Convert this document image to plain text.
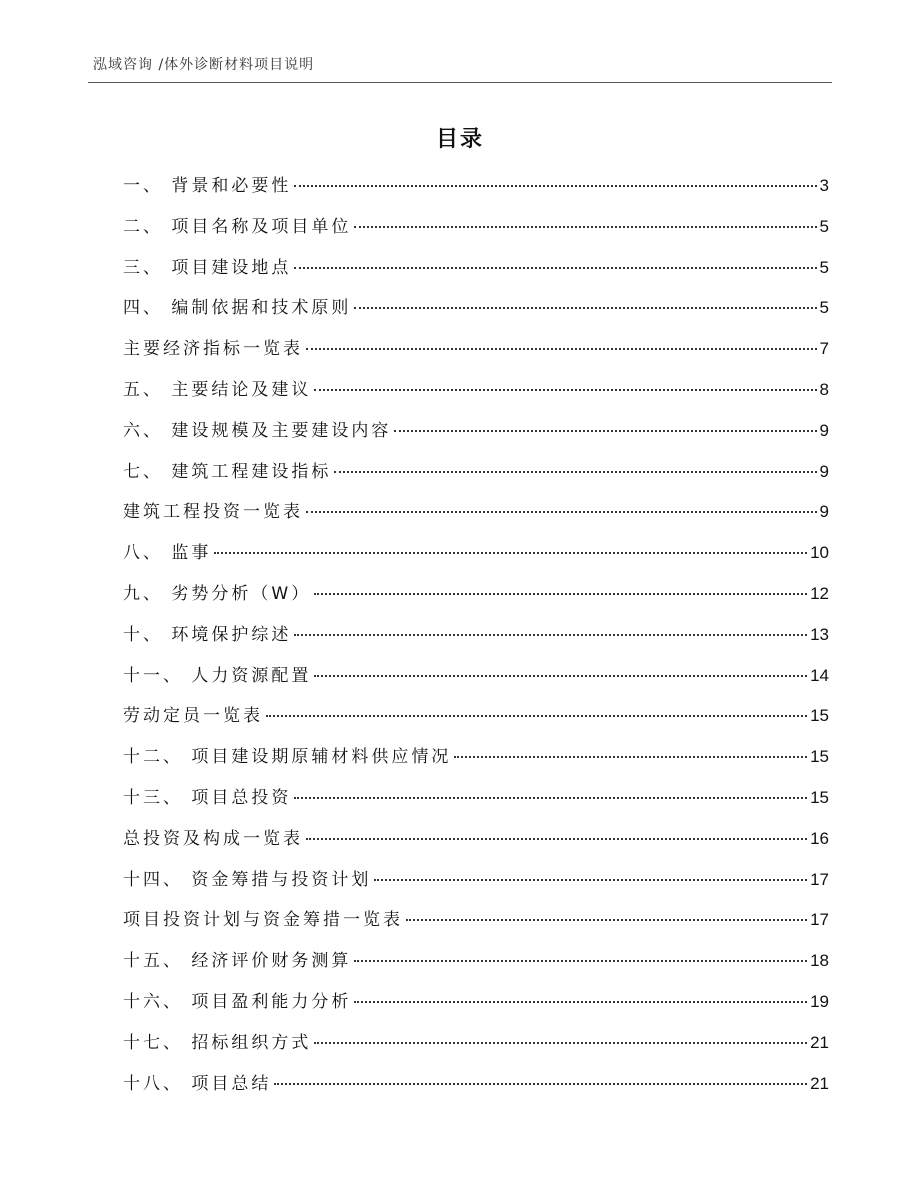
泓域咨询 /体外诊断材料项目说明
目录
一、 背景和必要性	3
二、 项目名称及项目单位	5
三、 项目建设地点	5
四、 编制依据和技术原则	5
主要经济指标一览表	7
五、 主要结论及建议	8
六、 建设规模及主要建设内容	9
七、 建筑工程建设指标	9
建筑工程投资一览表	9
八、 监事	10
九、 劣势分析（W）	12
十、 环境保护综述	13
十一、 人力资源配置	14
劳动定员一览表	15
十二、 项目建设期原辅材料供应情况	15
十三、 项目总投资	15
总投资及构成一览表	16
十四、 资金筹措与投资计划	17
项目投资计划与资金筹措一览表	17
十五、 经济评价财务测算	18
十六、 项目盈利能力分析	19
十七、 招标组织方式	21
十八、 项目总结	21
